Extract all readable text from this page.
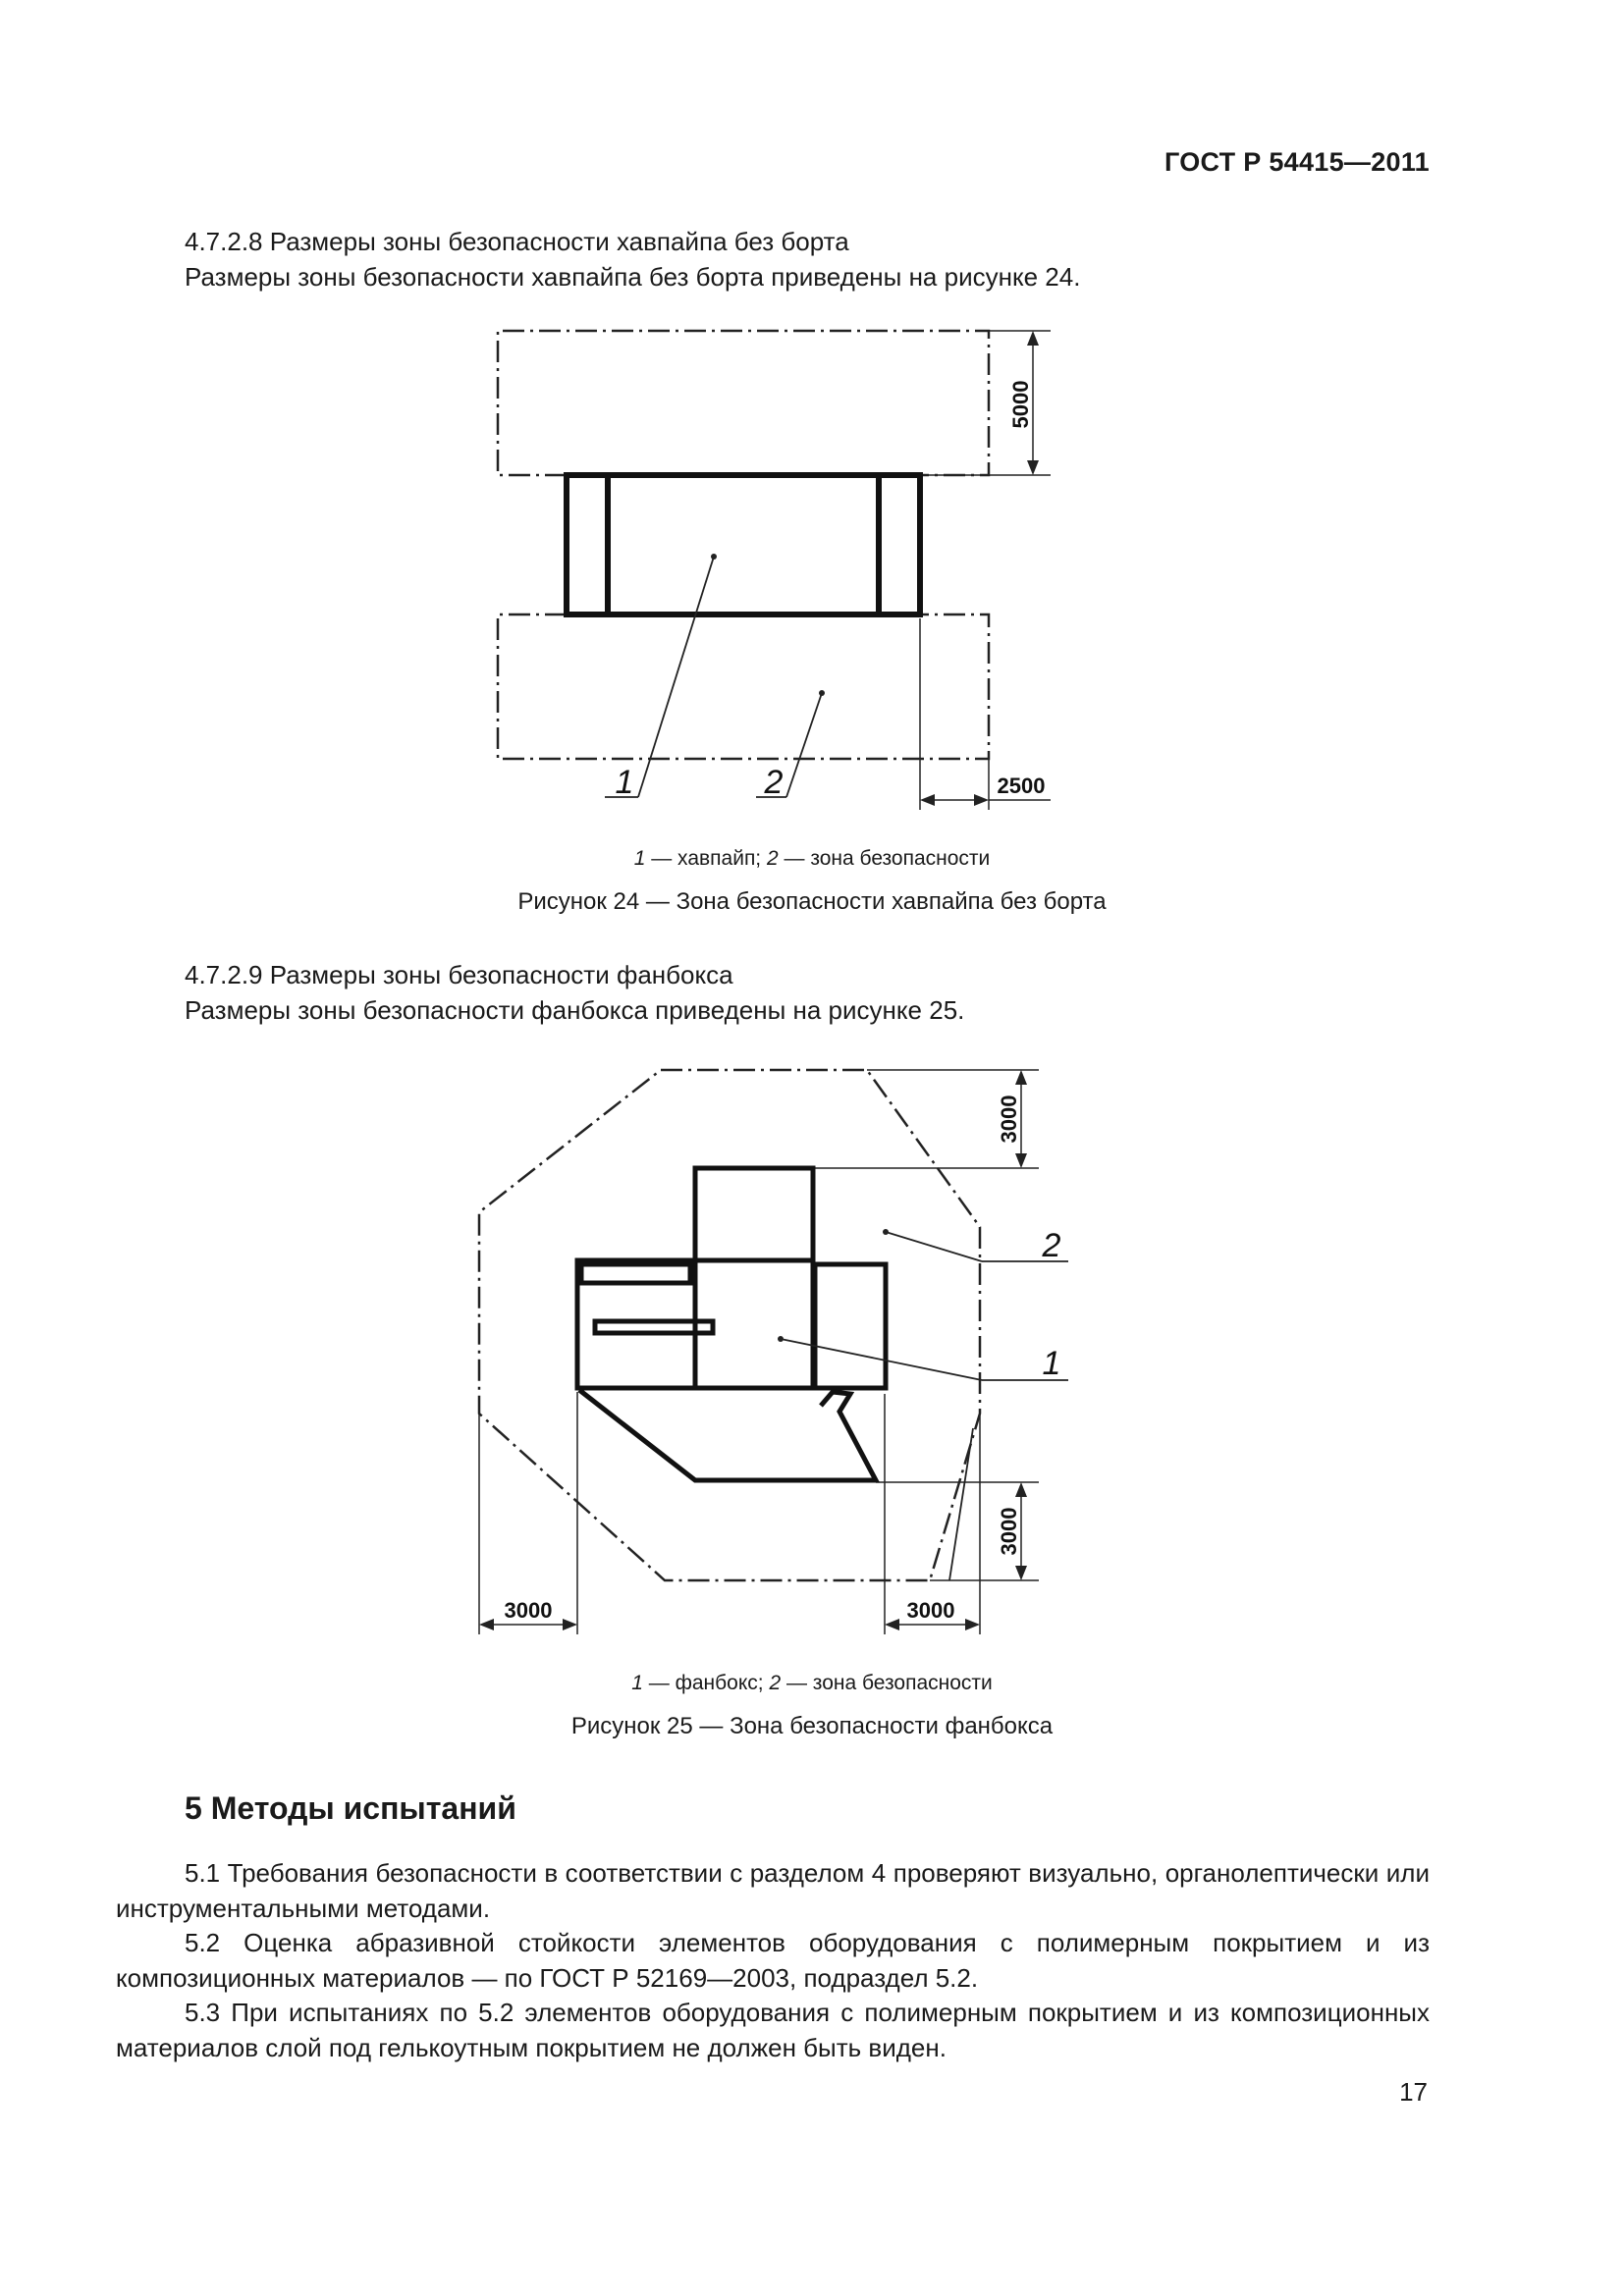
ГОСТ Р 54415—2011
4.7.2.8 Размеры зоны безопасности хавпайпа без борта
Размеры зоны безопасности хавпайпа без борта приведены на рисунке 24.
5000
2500
1	2
1 — хавпайп; 2 — зона безопасности
Рисунок 24 — Зона безопасности хавпайпа без борта
4.7.2.9 Размеры зоны безопасности фанбокса
Размеры зоны безопасности фанбокса приведены на рисунке 25.
3000
3000
3000	3000
2
1
1 — фанбокс; 2 — зона безопасности
Рисунок 25 — Зона безопасности фанбокса
5 Методы испытаний
5.1 Требования безопасности в соответствии с разделом 4 проверяют визуально, органолептически или инструментальными методами.
5.2 Оценка абразивной стойкости элементов оборудования с полимерным покрытием и из композиционных материалов — по ГОСТ Р 52169—2003, подраздел 5.2.
5.3 При испытаниях по 5.2 элементов оборудования с полимерным покрытием и из композиционных материалов слой под гелькоутным покрытием не должен быть виден.
17
